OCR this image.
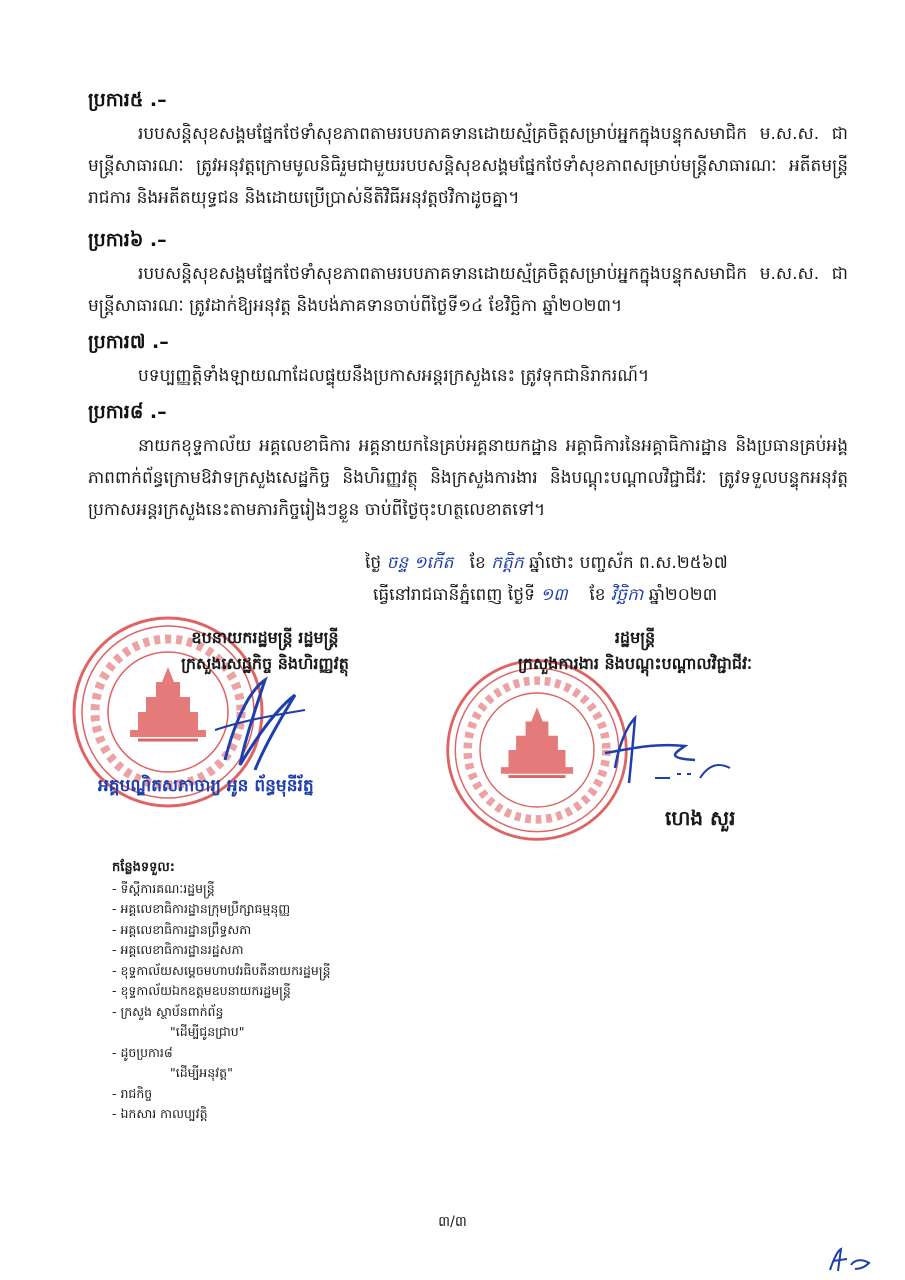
ប្រការ៥ .–
របបសន្តិសុខសង្គមផ្នែកថែទាំសុខភាពតាមរបបភាគទានដោយស្ម័គ្រចិត្តសម្រាប់អ្នកក្នុងបន្ទុកសមាជិក ម.ស.ស. ជាមន្ត្រីសាធារណៈ ត្រូវអនុវត្តក្រោមមូលនិធិរួមជាមួយរបបសន្តិសុខសង្គមផ្នែកថែទាំសុខភាពសម្រាប់មន្ត្រីសាធារណៈ អតីតមន្ត្រីរាជការ និងអតីតយុទ្ធជន និងដោយប្រើប្រាស់នីតិវិធីអនុវត្តថវិកាដូចគ្នា។
ប្រការ៦ .–
របបសន្តិសុខសង្គមផ្នែកថែទាំសុខភាពតាមរបបភាគទានដោយស្ម័គ្រចិត្តសម្រាប់អ្នកក្នុងបន្ទុកសមាជិក ម.ស.ស. ជាមន្ត្រីសាធារណៈ ត្រូវដាក់ឱ្យអនុវត្ត និងបង់ភាគទានចាប់ពីថ្ងៃទី១៤ ខែវិច្ឆិកា ឆ្នាំ២០២៣។
ប្រការ៧ .–
បទប្បញ្ញត្តិទាំងឡាយណាដែលផ្ទុយនឹងប្រកាសអន្តរក្រសួងនេះ ត្រូវទុកជានិរាករណ៍។
ប្រការ៨ .–
នាយកខុទ្ទកាល័យ អគ្គលេខាធិការ អគ្គនាយកនៃគ្រប់អគ្គនាយកដ្ឋាន អគ្គាធិការនៃអគ្គាធិការដ្ឋាន និងប្រធានគ្រប់អង្គភាពពាក់ព័ន្ធក្រោមឱវាទក្រសួងសេដ្ឋកិច្ច និងហិរញ្ញវត្ថុ និងក្រសួងការងារ និងបណ្តុះបណ្តាលវិជ្ជាជីវៈ ត្រូវទទួលបន្ទុកអនុវត្តប្រកាសអន្តរក្រសួងនេះតាមភារកិច្ចរៀងៗខ្លួន ចាប់ពីថ្ងៃចុះហត្ថលេខាតទៅ។
ថ្ងៃ ចន្ទ ១កើត ខែ កត្តិក ឆ្នាំថោះ បញ្ចស័ក ព.ស.២៥៦៧
ធ្វើនៅរាជធានីភ្នំពេញ ថ្ងៃទី ១៣ ខែ វិច្ឆិកា ឆ្នាំ២០២៣
ឧបនាយករដ្ឋមន្ត្រី រដ្ឋមន្ត្រី
ក្រសួងសេដ្ឋកិច្ច និងហិរញ្ញវត្ថុ
អគ្គបណ្ឌិតសភាចារ្យ អូន ព័ន្ធមុនីរ័ត្ន
រដ្ឋមន្ត្រី
ក្រសួងការងារ និងបណ្តុះបណ្តាលវិជ្ជាជីវៈ
ហេង សួរ
កន្លែងទទួល:
- ទីស្តីការគណៈរដ្ឋមន្ត្រី
- អគ្គលេខាធិការដ្ឋានក្រុមប្រឹក្សាធម្មនុញ្ញ
- អគ្គលេខាធិការដ្ឋានព្រឹទ្ធសភា
- អគ្គលេខាធិការដ្ឋានរដ្ឋសភា
- ខុទ្ទកាល័យសម្តេចមហាបវរធិបតីនាយករដ្ឋមន្ត្រី
- ខុទ្ទកាល័យឯកឧត្តមឧបនាយករដ្ឋមន្ត្រី
- ក្រសួង ស្ថាប័នពាក់ព័ន្ធ
"ដើម្បីជូនជ្រាប"
- ដូចប្រការ៨
"ដើម្បីអនុវត្ត"
- រាជកិច្ច
- ឯកសារ កាលប្បវត្តិ
៣/៣
